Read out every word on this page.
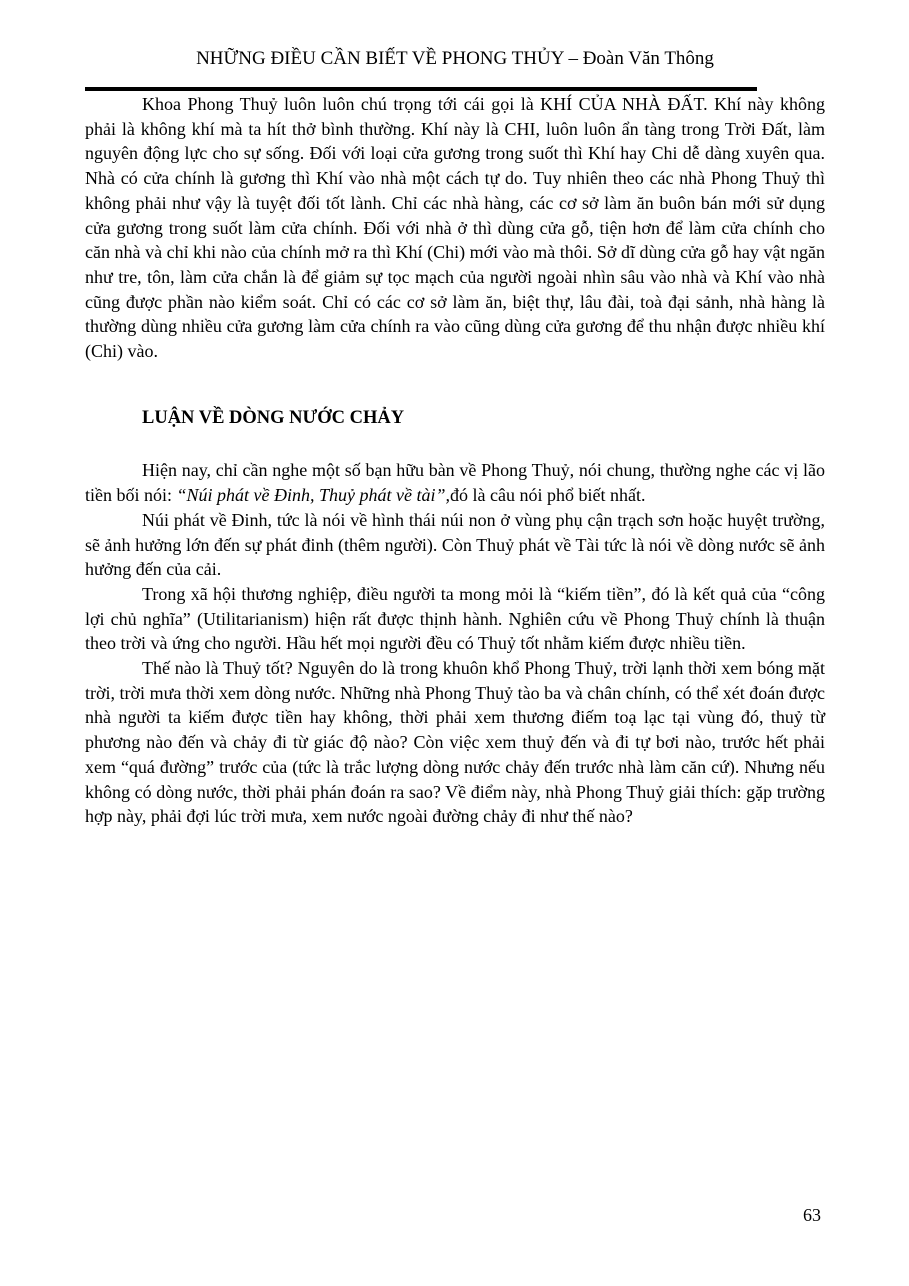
NHỮNG ĐIỀU CẦN BIẾT VỀ PHONG THỦY – Đoàn Văn Thông

Khoa Phong Thuỷ luôn luôn chú trọng tới cái gọi là KHÍ CỦA NHÀ ĐẤT. Khí này không phải là không khí mà ta hít thở bình thường. Khí này là CHI, luôn luôn ẩn tàng trong Trời Đất, làm nguyên động lực cho sự sống. Đối với loại cửa gương trong suốt thì Khí hay Chi dễ dàng xuyên qua. Nhà có cửa chính là gương thì Khí vào nhà một cách tự do. Tuy nhiên theo các nhà Phong Thuỷ thì không phải như vậy là tuyệt đối tốt lành. Chỉ các nhà hàng, các cơ sở làm ăn buôn bán mới sử dụng cửa gương trong suốt làm cửa chính. Đối với nhà ở thì dùng cửa gỗ, tiện hơn để làm cửa chính cho căn nhà và chỉ khi nào của chính mở ra thì Khí (Chi) mới vào mà thôi. Sở dĩ dùng cửa gỗ hay vật ngăn như tre, tôn, làm cửa chắn là để giảm sự tọc mạch của người ngoài nhìn sâu vào nhà và Khí vào nhà cũng được phần nào kiểm soát. Chỉ có các cơ sở làm ăn, biệt thự, lâu đài, toà đại sảnh, nhà hàng là thường dùng nhiều cửa gương làm cửa chính ra vào cũng dùng cửa gương để thu nhận được nhiều khí (Chi) vào.

LUẬN VỀ DÒNG NƯỚC CHẢY

Hiện nay, chỉ cần nghe một số bạn hữu bàn về Phong Thuỷ, nói chung, thường nghe các vị lão tiền bối nói: “Núi phát về Đinh, Thuỷ phát về tài”,đó là câu nói phổ biết nhất.

Núi phát về Đinh, tức là nói về hình thái núi non ở vùng phụ cận trạch sơn hoặc huyệt trường, sẽ ảnh hưởng lớn đến sự phát đinh (thêm người). Còn Thuỷ phát về Tài tức là nói về dòng nước sẽ ảnh hưởng đến của cải.

Trong xã hội thương nghiệp, điều người ta mong mỏi là “kiếm tiền”, đó là kết quả của “công lợi chủ nghĩa” (Utilitarianism) hiện rất được thịnh hành. Nghiên cứu về Phong Thuỷ chính là thuận theo trời và ứng cho người. Hầu hết mọi người đều có Thuỷ tốt nhằm kiếm được nhiều tiền.

Thế nào là Thuỷ tốt? Nguyên do là trong khuôn khổ Phong Thuỷ, trời lạnh thời xem bóng mặt trời, trời mưa thời xem dòng nước. Những nhà Phong Thuỷ tào ba và chân chính, có thể xét đoán được nhà người ta kiếm được tiền hay không, thời phải xem thương điếm toạ lạc tại vùng đó, thuỷ từ phương nào đến và chảy đi từ giác độ nào? Còn việc xem thuỷ đến và đi tự bơi nào, trước hết phải xem “quá đường” trước của (tức là trắc lượng dòng nước chảy đến trước nhà làm căn cứ). Nhưng nếu không có dòng nước, thời phải phán đoán ra sao? Về điểm này, nhà Phong Thuỷ giải thích: gặp trường hợp này, phải đợi lúc trời mưa, xem nước ngoài đường chảy đi như thế nào?

63
